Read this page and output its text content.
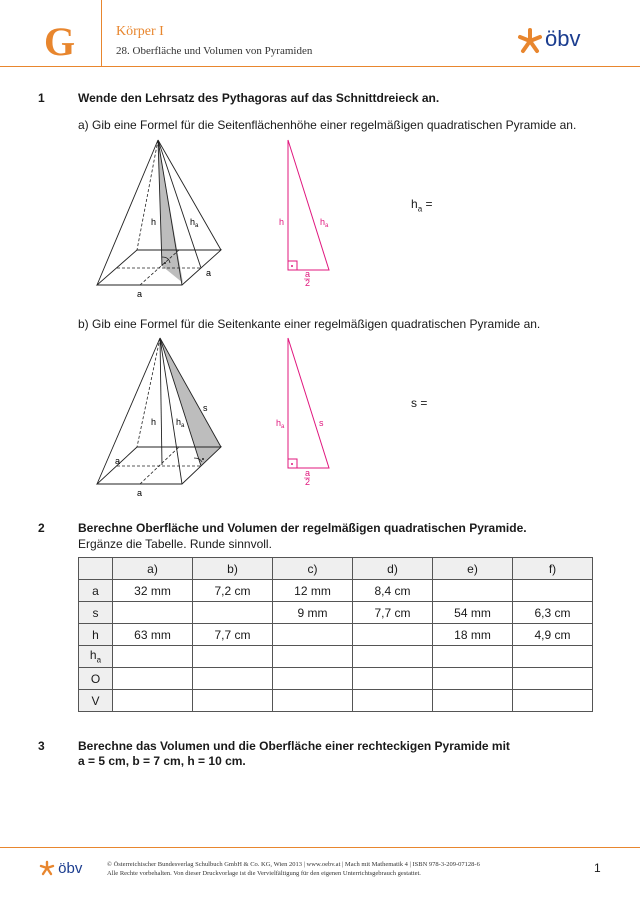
G	Körper I
28. Oberfläche und Volumen von Pyramiden	öbv
1	Wende den Lehrsatz des Pythagoras auf das Schnittdreieck an.
a) Gib eine Formel für die Seitenflächenhöhe einer regelmäßigen quadratischen Pyramide an.
h	$h_a$
a
a
h	$h_a$
a
2
$h_a$ =
b) Gib eine Formel für die Seitenkante einer regelmäßigen quadratischen Pyramide an.
h $h_a$
s
a
a
$h_a$	s
a
2
s =
2	Berechne Oberfläche und Volumen der regelmäßigen quadratischen Pyramide.
Ergänze die Tabelle. Runde sinnvoll.
	a)	b)	c)	d)	e)	f)
a	32 mm	7,2 cm	12 mm	8,4 cm		
s			9 mm	7,7 cm	54 mm	6,3 cm
h	63 mm	7,7 cm			18 mm	4,9 cm
$h_a$						
O						
V						
3	Berechne das Volumen und die Oberfläche einer rechteckigen Pyramide mit
a = 5 cm, b = 7 cm, h = 10 cm.
öbv	© Österreichischer Bundesverlag Schulbuch GmbH & Co. KG, Wien 2013 | www.oebv.at | Mach mit Mathematik 4 | ISBN 978-3-209-07128-6
Alle Rechte vorbehalten. Von dieser Druckvorlage ist die Vervielfältigung für den eigenen Unterrichtsgebrauch gestattet.	1
